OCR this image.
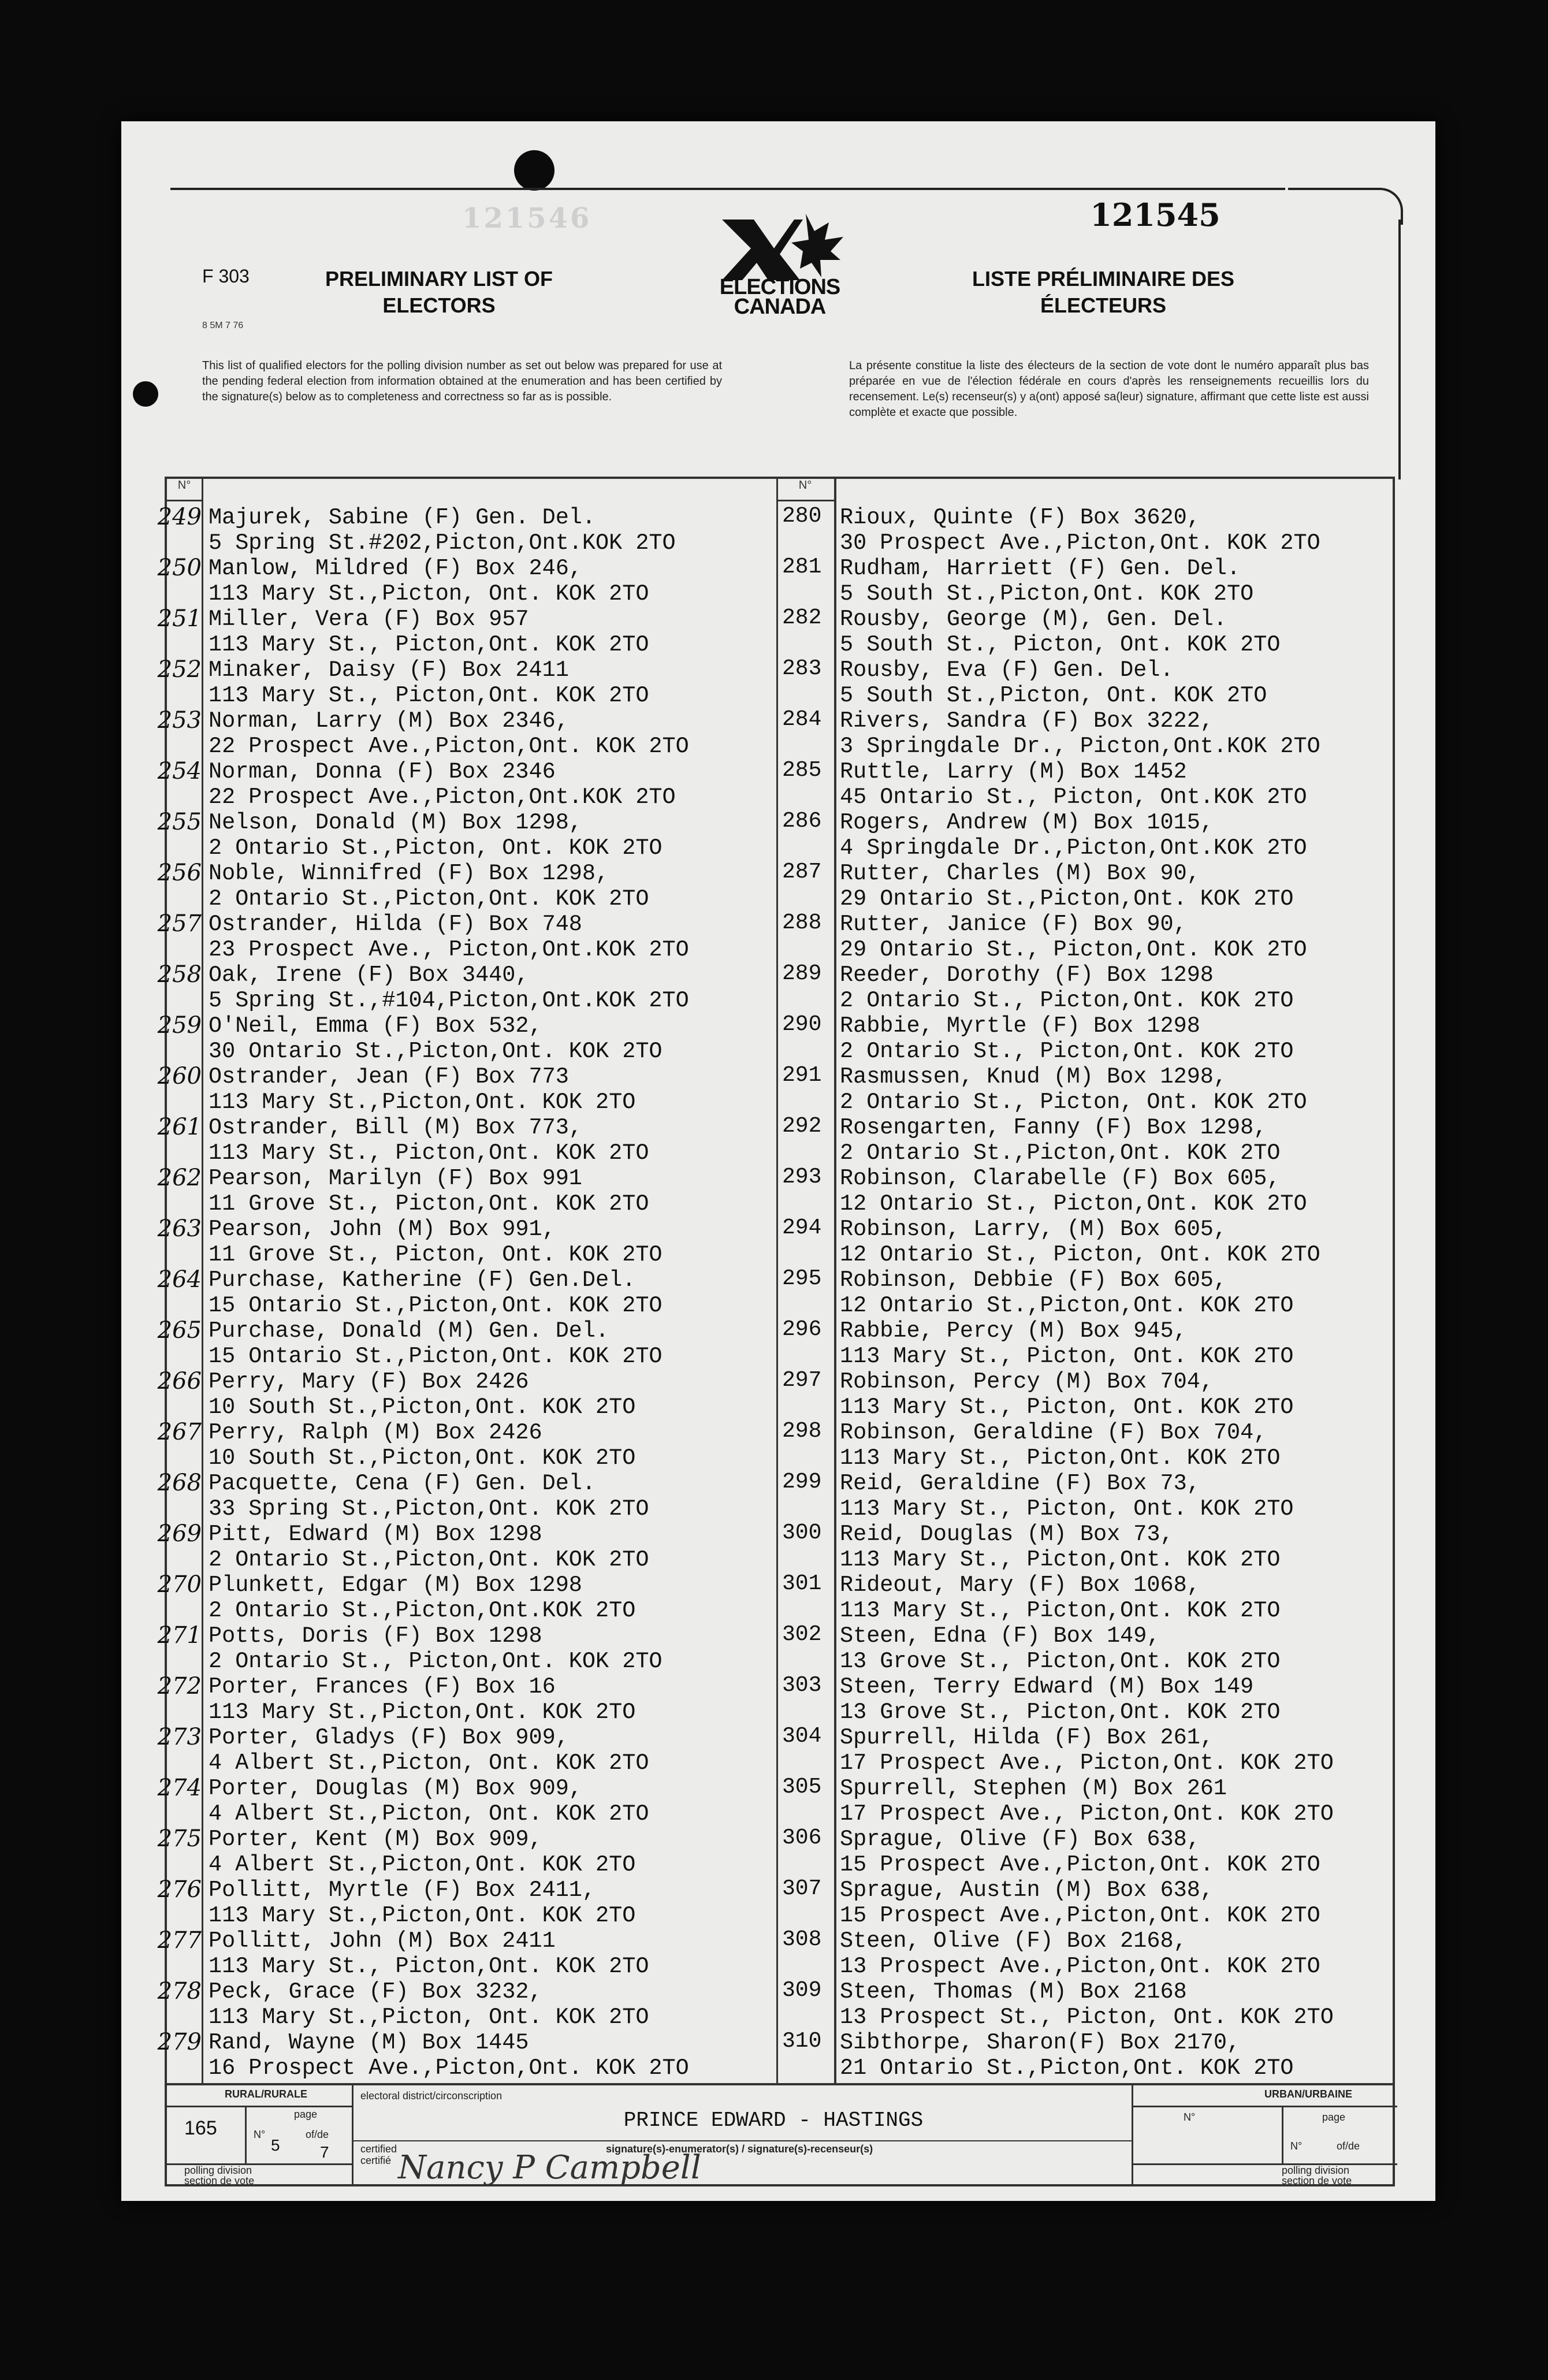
121546	121545
F 303
8 5M 7 76
PRELIMINARY LIST OF
ELECTORS
ELECTIONS
CANADA
LISTE PRÉLIMINAIRE DES
ÉLECTEURS
This list of qualified electors for the polling division number as set out below was prepared for use at the pending federal election from information obtained at the enumeration and has been certified by the signature(s) below as to completeness and correctness so far as is possible.
La présente constitue la liste des électeurs de la section de vote dont le numéro apparaît plus bas préparée en vue de l'élection fédérale en cours d'après les renseignements recueillis lors du recensement. Le(s) recenseur(s) y a(ont) apposé sa(leur) signature, affirmant que cette liste est aussi complète et exacte que possible.
N°	N°
249 Majurek, Sabine (F) Gen. Del.
5 Spring St.#202,Picton,Ont.KOK 2TO
250 Manlow, Mildred (F) Box 246,
113 Mary St.,Picton, Ont. KOK 2TO
251 Miller, Vera (F) Box 957
113 Mary St., Picton,Ont. KOK 2TO
252 Minaker, Daisy (F) Box 2411
113 Mary St., Picton,Ont. KOK 2TO
253 Norman, Larry (M) Box 2346,
22 Prospect Ave.,Picton,Ont. KOK 2TO
254 Norman, Donna (F) Box 2346
22 Prospect Ave.,Picton,Ont.KOK 2TO
255 Nelson, Donald (M) Box 1298,
2 Ontario St.,Picton, Ont. KOK 2TO
256 Noble, Winnifred (F) Box 1298,
2 Ontario St.,Picton,Ont. KOK 2TO
257 Ostrander, Hilda (F) Box 748
23 Prospect Ave., Picton,Ont.KOK 2TO
258 Oak, Irene (F) Box 3440,
5 Spring St.,#104,Picton,Ont.KOK 2TO
259 O'Neil, Emma (F) Box 532,
30 Ontario St.,Picton,Ont. KOK 2TO
260 Ostrander, Jean (F) Box 773
113 Mary St.,Picton,Ont. KOK 2TO
261 Ostrander, Bill (M) Box 773,
113 Mary St., Picton,Ont. KOK 2TO
262 Pearson, Marilyn (F) Box 991
11 Grove St., Picton,Ont. KOK 2TO
263 Pearson, John (M) Box 991,
11 Grove St., Picton, Ont. KOK 2TO
264 Purchase, Katherine (F) Gen.Del.
15 Ontario St.,Picton,Ont. KOK 2TO
265 Purchase, Donald (M) Gen. Del.
15 Ontario St.,Picton,Ont. KOK 2TO
266 Perry, Mary (F) Box 2426
10 South St.,Picton,Ont. KOK 2TO
267 Perry, Ralph (M) Box 2426
10 South St.,Picton,Ont. KOK 2TO
268 Pacquette, Cena (F) Gen. Del.
33 Spring St.,Picton,Ont. KOK 2TO
269 Pitt, Edward (M) Box 1298
2 Ontario St.,Picton,Ont. KOK 2TO
270 Plunkett, Edgar (M) Box 1298
2 Ontario St.,Picton,Ont.KOK 2TO
271 Potts, Doris (F) Box 1298
2 Ontario St., Picton,Ont. KOK 2TO
272 Porter, Frances (F) Box 16
113 Mary St.,Picton,Ont. KOK 2TO
273 Porter, Gladys (F) Box 909,
4 Albert St.,Picton, Ont. KOK 2TO
274 Porter, Douglas (M) Box 909,
4 Albert St.,Picton, Ont. KOK 2TO
275 Porter, Kent (M) Box 909,
4 Albert St.,Picton,Ont. KOK 2TO
276 Pollitt, Myrtle (F) Box 2411,
113 Mary St.,Picton,Ont. KOK 2TO
277 Pollitt, John (M) Box 2411
113 Mary St., Picton,Ont. KOK 2TO
278 Peck, Grace (F) Box 3232,
113 Mary St.,Picton, Ont. KOK 2TO
279 Rand, Wayne (M) Box 1445
16 Prospect Ave.,Picton,Ont. KOK 2TO
280 Rioux, Quinte (F) Box 3620,
30 Prospect Ave.,Picton,Ont. KOK 2TO
281 Rudham, Harriett (F) Gen. Del.
5 South St.,Picton,Ont. KOK 2TO
282 Rousby, George (M), Gen. Del.
5 South St., Picton, Ont. KOK 2TO
283 Rousby, Eva (F) Gen. Del.
5 South St.,Picton, Ont. KOK 2TO
284 Rivers, Sandra (F) Box 3222,
3 Springdale Dr., Picton,Ont.KOK 2TO
285 Ruttle, Larry (M) Box 1452
45 Ontario St., Picton, Ont.KOK 2TO
286 Rogers, Andrew (M) Box 1015,
4 Springdale Dr.,Picton,Ont.KOK 2TO
287 Rutter, Charles (M) Box 90,
29 Ontario St.,Picton,Ont. KOK 2TO
288 Rutter, Janice (F) Box 90,
29 Ontario St., Picton,Ont. KOK 2TO
289 Reeder, Dorothy (F) Box 1298
2 Ontario St., Picton,Ont. KOK 2TO
290 Rabbie, Myrtle (F) Box 1298
2 Ontario St., Picton,Ont. KOK 2TO
291 Rasmussen, Knud (M) Box 1298,
2 Ontario St., Picton, Ont. KOK 2TO
292 Rosengarten, Fanny (F) Box 1298,
2 Ontario St.,Picton,Ont. KOK 2TO
293 Robinson, Clarabelle (F) Box 605,
12 Ontario St., Picton,Ont. KOK 2TO
294 Robinson, Larry, (M) Box 605,
12 Ontario St., Picton, Ont. KOK 2TO
295 Robinson, Debbie (F) Box 605,
12 Ontario St.,Picton,Ont. KOK 2TO
296 Rabbie, Percy (M) Box 945,
113 Mary St., Picton, Ont. KOK 2TO
297 Robinson, Percy (M) Box 704,
113 Mary St., Picton, Ont. KOK 2TO
298 Robinson, Geraldine (F) Box 704,
113 Mary St., Picton,Ont. KOK 2TO
299 Reid, Geraldine (F) Box 73,
113 Mary St., Picton, Ont. KOK 2TO
300 Reid, Douglas (M) Box 73,
113 Mary St., Picton,Ont. KOK 2TO
301 Rideout, Mary (F) Box 1068,
113 Mary St., Picton,Ont. KOK 2TO
302 Steen, Edna (F) Box 149,
13 Grove St., Picton,Ont. KOK 2TO
303 Steen, Terry Edward (M) Box 149
13 Grove St., Picton,Ont. KOK 2TO
304 Spurrell, Hilda (F) Box 261,
17 Prospect Ave., Picton,Ont. KOK 2TO
305 Spurrell, Stephen (M) Box 261
17 Prospect Ave., Picton,Ont. KOK 2TO
306 Sprague, Olive (F) Box 638,
15 Prospect Ave.,Picton,Ont. KOK 2TO
307 Sprague, Austin (M) Box 638,
15 Prospect Ave.,Picton,Ont. KOK 2TO
308 Steen, Olive (F) Box 2168,
13 Prospect Ave.,Picton,Ont. KOK 2TO
309 Steen, Thomas (M) Box 2168
13 Prospect St., Picton, Ont. KOK 2TO
310 Sibthorpe, Sharon(F) Box 2170,
21 Ontario St.,Picton,Ont. KOK 2TO
RURAL/RURALE	electoral district/circonscription
PRINCE EDWARD - HASTINGS
URBAN/URBAINE
page
165	N°
5
of/de
7	certified
certifié
signature(s)-enumerator(s) / signature(s)-recenseur(s)
Nancy P Campbell
polling division
section de vote
N°	page
N°	of/de
polling division
section de vote
